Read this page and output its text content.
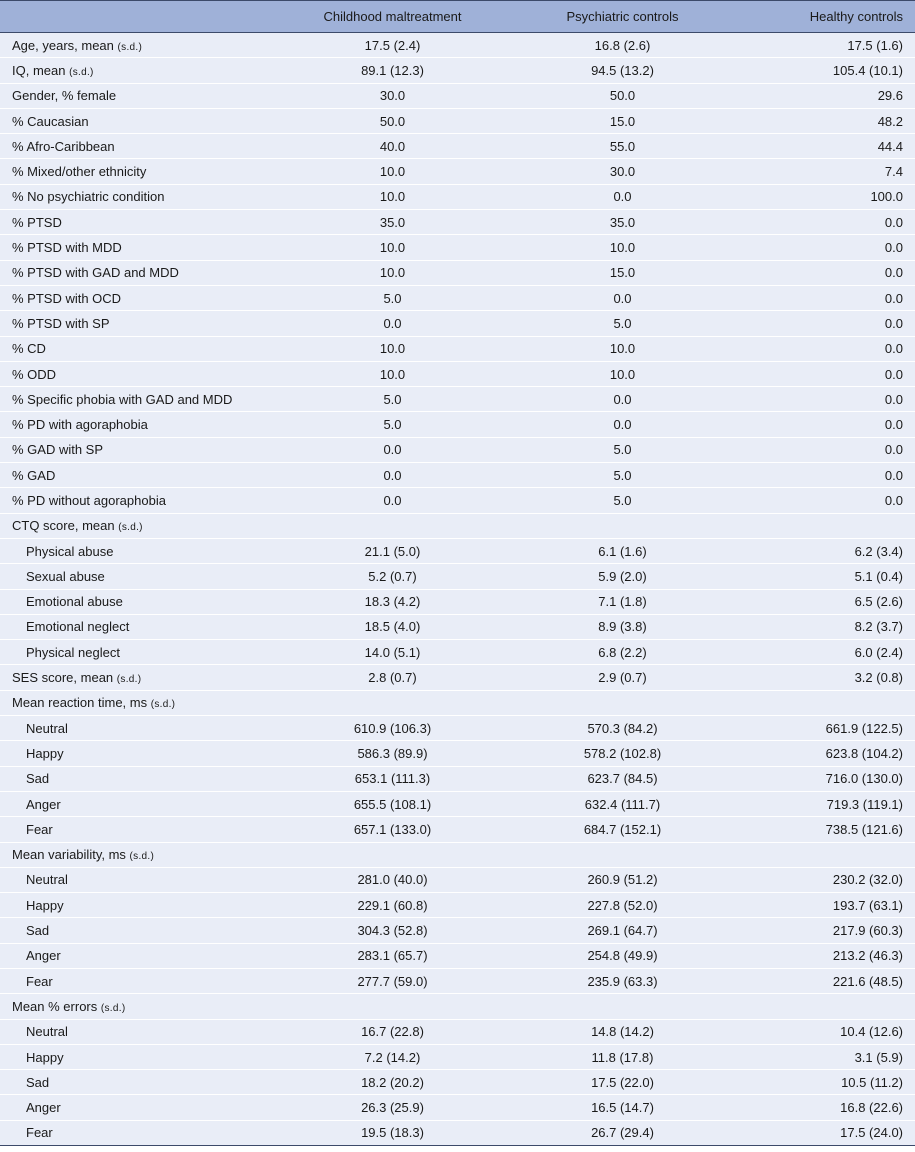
	Childhood maltreatment	Psychiatric controls	Healthy controls
Age, years, mean (s.d.)	17.5 (2.4)	16.8 (2.6)	17.5 (1.6)
IQ, mean (s.d.)	89.1 (12.3)	94.5 (13.2)	105.4 (10.1)
Gender, % female	30.0	50.0	29.6
% Caucasian	50.0	15.0	48.2
% Afro-Caribbean	40.0	55.0	44.4
% Mixed/other ethnicity	10.0	30.0	7.4
% No psychiatric condition	10.0	0.0	100.0
% PTSD	35.0	35.0	0.0
% PTSD with MDD	10.0	10.0	0.0
% PTSD with GAD and MDD	10.0	15.0	0.0
% PTSD with OCD	5.0	0.0	0.0
% PTSD with SP	0.0	5.0	0.0
% CD	10.0	10.0	0.0
% ODD	10.0	10.0	0.0
% Specific phobia with GAD and MDD	5.0	0.0	0.0
% PD with agoraphobia	5.0	0.0	0.0
% GAD with SP	0.0	5.0	0.0
% GAD	0.0	5.0	0.0
% PD without agoraphobia	0.0	5.0	0.0
CTQ score, mean (s.d.)			
Physical abuse	21.1 (5.0)	6.1 (1.6)	6.2 (3.4)
Sexual abuse	5.2 (0.7)	5.9 (2.0)	5.1 (0.4)
Emotional abuse	18.3 (4.2)	7.1 (1.8)	6.5 (2.6)
Emotional neglect	18.5 (4.0)	8.9 (3.8)	8.2 (3.7)
Physical neglect	14.0 (5.1)	6.8 (2.2)	6.0 (2.4)
SES score, mean (s.d.)	2.8 (0.7)	2.9 (0.7)	3.2 (0.8)
Mean reaction time, ms (s.d.)			
Neutral	610.9 (106.3)	570.3 (84.2)	661.9 (122.5)
Happy	586.3 (89.9)	578.2 (102.8)	623.8 (104.2)
Sad	653.1 (111.3)	623.7 (84.5)	716.0 (130.0)
Anger	655.5 (108.1)	632.4 (111.7)	719.3 (119.1)
Fear	657.1 (133.0)	684.7 (152.1)	738.5 (121.6)
Mean variability, ms (s.d.)			
Neutral	281.0 (40.0)	260.9 (51.2)	230.2 (32.0)
Happy	229.1 (60.8)	227.8 (52.0)	193.7 (63.1)
Sad	304.3 (52.8)	269.1 (64.7)	217.9 (60.3)
Anger	283.1 (65.7)	254.8 (49.9)	213.2 (46.3)
Fear	277.7 (59.0)	235.9 (63.3)	221.6 (48.5)
Mean % errors (s.d.)			
Neutral	16.7 (22.8)	14.8 (14.2)	10.4 (12.6)
Happy	7.2 (14.2)	11.8 (17.8)	3.1 (5.9)
Sad	18.2 (20.2)	17.5 (22.0)	10.5 (11.2)
Anger	26.3 (25.9)	16.5 (14.7)	16.8 (22.6)
Fear	19.5 (18.3)	26.7 (29.4)	17.5 (24.0)
